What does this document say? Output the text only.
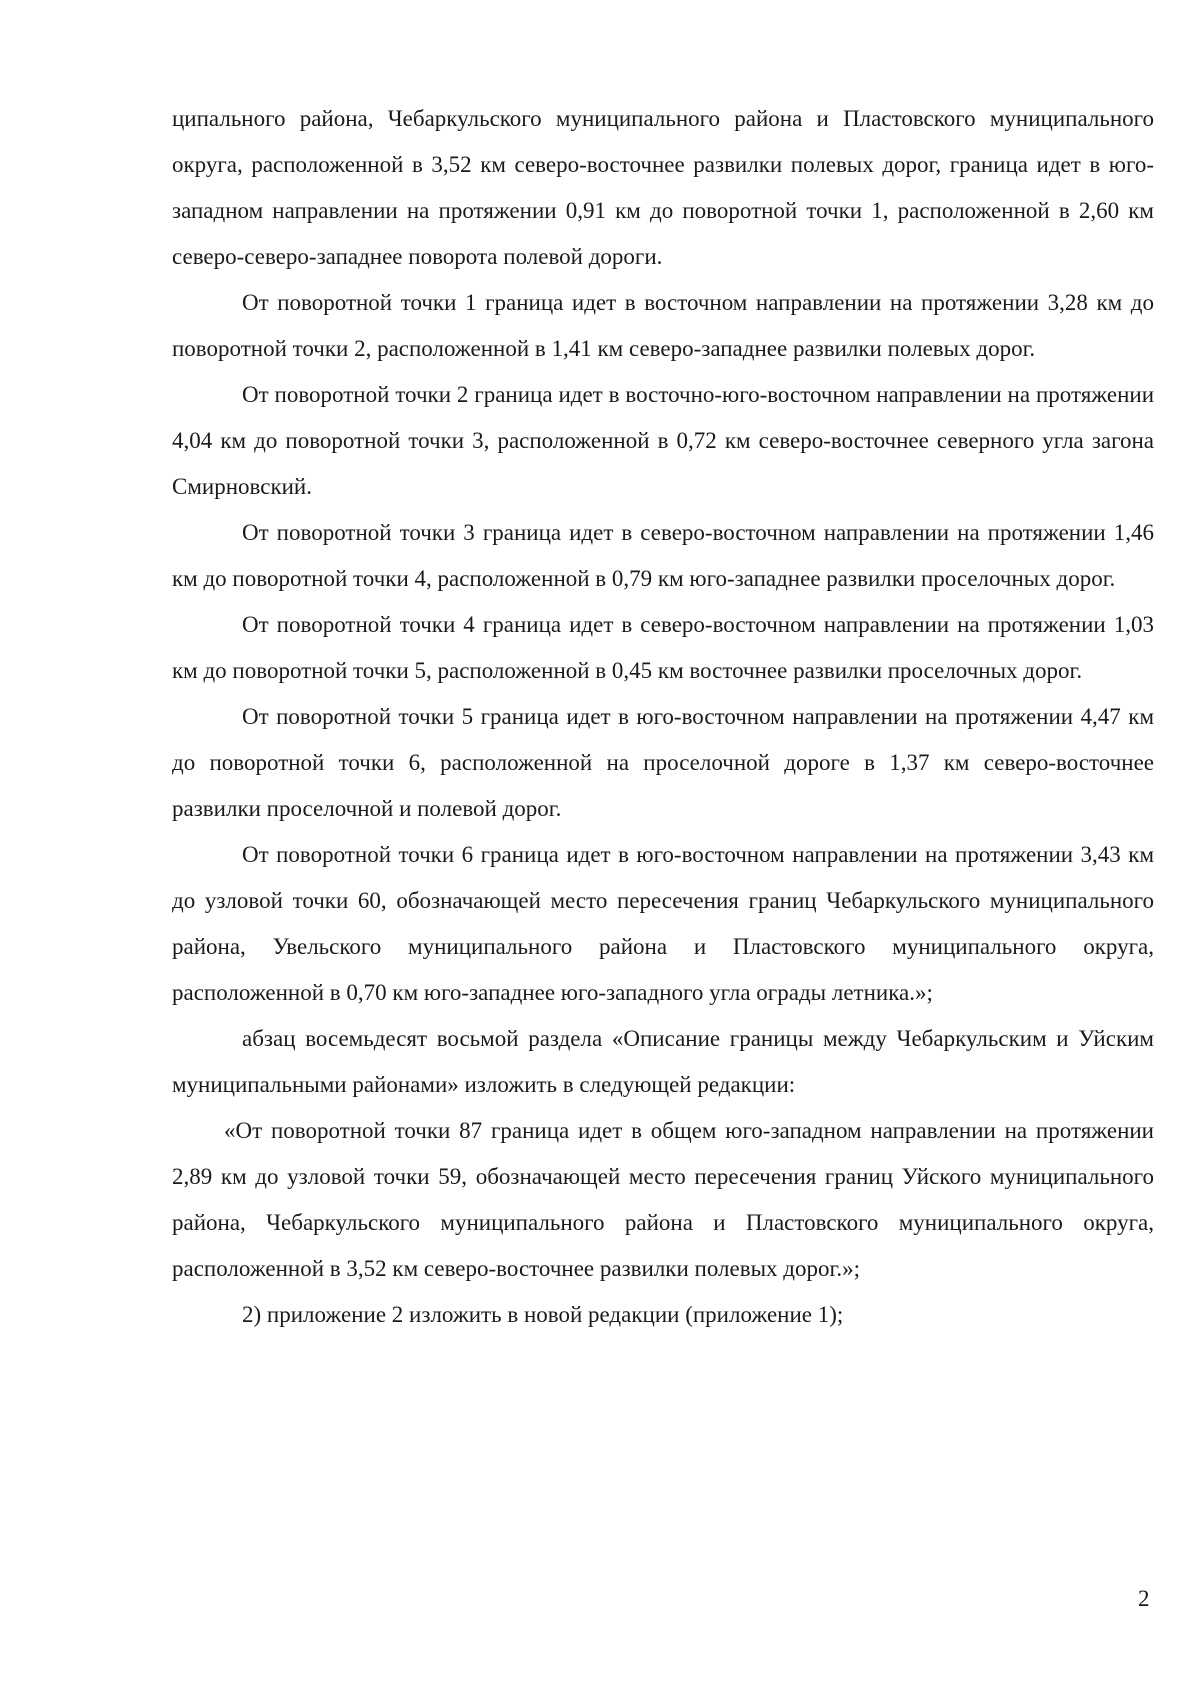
ципального района, Чебаркульского муниципального района и Пластовского муниципального округа, расположенной в 3,52 км северо-восточнее развилки полевых дорог, граница идет в юго-западном направлении на протяжении 0,91 км до поворотной точки 1, расположенной в 2,60 км северо-северо-западнее поворота полевой дороги.

От поворотной точки 1 граница идет в восточном направлении на протяжении 3,28 км до поворотной точки 2, расположенной в 1,41 км северо-западнее развилки полевых дорог.

От поворотной точки 2 граница идет в восточно-юго-восточном направлении на протяжении 4,04 км до поворотной точки 3, расположенной в 0,72 км северо-восточнее северного угла загона Смирновский.

От поворотной точки 3 граница идет в северо-восточном направлении на протяжении 1,46 км до поворотной точки 4, расположенной в 0,79 км юго-западнее развилки проселочных дорог.

От поворотной точки 4 граница идет в северо-восточном направлении на протяжении 1,03 км до поворотной точки 5, расположенной в 0,45 км восточнее развилки проселочных дорог.

От поворотной точки 5 граница идет в юго-восточном направлении на протяжении 4,47 км до поворотной точки 6, расположенной на проселочной дороге в 1,37 км северо-восточнее развилки проселочной и полевой дорог.

От поворотной точки 6 граница идет в юго-восточном направлении на протяжении 3,43 км до узловой точки 60, обозначающей место пересечения границ Чебаркульского муниципального района, Увельского муниципального района и Пластовского муниципального округа, расположенной в 0,70 км юго-западнее юго-западного угла ограды летника.»;

абзац восемьдесят восьмой раздела «Описание границы между Чебаркульским и Уйским муниципальными районами» изложить в следующей редакции:

«От поворотной точки 87 граница идет в общем юго-западном направлении на протяжении 2,89 км до узловой точки 59, обозначающей место пересечения границ Уйского муниципального района, Чебаркульского муниципального района и Пластовского муниципального округа, расположенной в 3,52 км северо-восточнее развилки полевых дорог.»;

2) приложение 2 изложить в новой редакции (приложение 1);

2
